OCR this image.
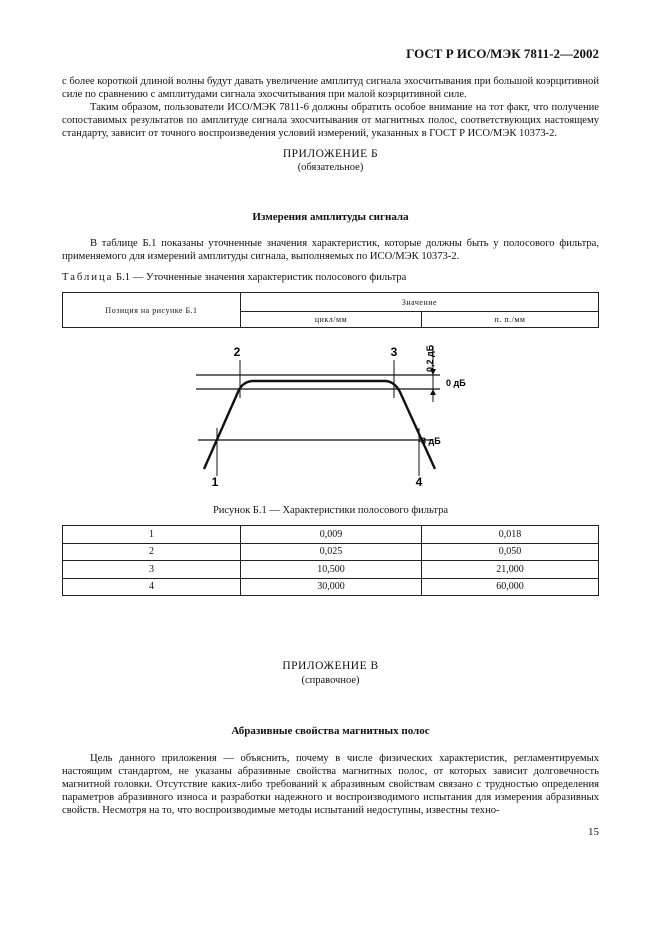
ГОСТ Р ИСО/МЭК 7811-2—2002

с более короткой длиной волны будут давать увеличение амплитуд сигнала эхосчитывания при большой коэрцитивной силе по сравнению с амплитудами сигнала эхосчитывания при малой коэрцитивной силе.

Таким образом, пользователи ИСО/МЭК 7811-6 должны обратить особое внимание на тот факт, что получение сопоставимых результатов по амплитуде сигнала эхосчитывания от магнитных полос, соответствующих настоящему стандарту, зависит от точного воспроизведения условий измерений, указанных в ГОСТ Р ИСО/МЭК 10373-2.

ПРИЛОЖЕНИЕ Б
(обязательное)
Измерения амплитуды сигнала

В таблице Б.1 показаны уточненные значения характеристик, которые должны быть у полосового фильтра, применяемого для измерений амплитуды сигнала, выполняемых по ИСО/МЭК 10373-2.

Таблица Б.1 — Уточненные значения характеристик полосового фильтра
Позиция на рисунке Б.1	Значение	
	цикл/мм	п. п./мм
2	3
1	4
0 дБ
-3 дБ
0,2 дБ
Рисунок Б.1 — Характеристики полосового фильтра
1	0,009	0,018
2	0,025	0,050
3	10,500	21,000
4	30,000	60,000
ПРИЛОЖЕНИЕ В
(справочное)
Абразивные свойства магнитных полос

Цель данного приложения — объяснить, почему в числе физических характеристик, регламентируемых настоящим стандартом, не указаны абразивные свойства магнитных полос, от которых зависит долговечность магнитной головки. Отсутствие каких-либо требований к абразивным свойствам связано с трудностью определения параметров абразивного износа и разработки надежного и воспроизводимого испытания для измерения абразивных свойств. Несмотря на то, что воспроизводимые методы испытаний недоступны, известны техно-

15
